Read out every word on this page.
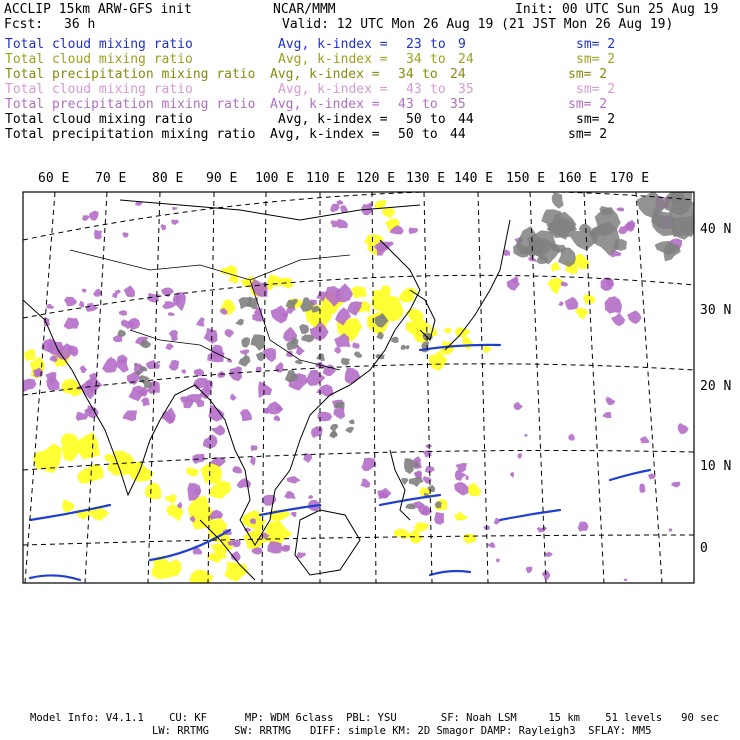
ACCLIP 15km ARW-GFS init	NCAR/MMM	Init: 00 UTC Sun 25 Aug 19
Fcst: 36 h	Valid: 12 UTC Mon 26 Aug 19 (21 JST Mon 26 Aug 19)
Total cloud mixing ratio	Avg, k-index = 23 to 9	sm= 2
Total cloud mixing ratio	Avg, k-index = 34 to 24	sm= 2
Total precipitation mixing ratio Avg, k-index = 34 to 24	sm= 2
Total cloud mixing ratio	Avg, k-index = 43 to 35	sm= 2
Total precipitation mixing ratio Avg, k-index = 43 to 35	sm= 2
Total cloud mixing ratio	Avg, k-index = 50 to 44	sm= 2
Total precipitation mixing ratio Avg, k-index = 50 to 44	sm= 2
60 E 70 E 80 E 90 E 100 E 110 E 120 E 130 E 140 E 150 E 160 E 170 E
40 N
30 N
20 N
10 N
0
Model Info: V4.1.1    CU: KF      MP: WDM 6class  PBL: YSU       SF: Noah LSM     15 km    51 levels   90 sec
LW: RRTMG    SW: RRTMG   DIFF: simple KM: 2D Smagor DAMP: Rayleigh3  SFLAY: MM5
